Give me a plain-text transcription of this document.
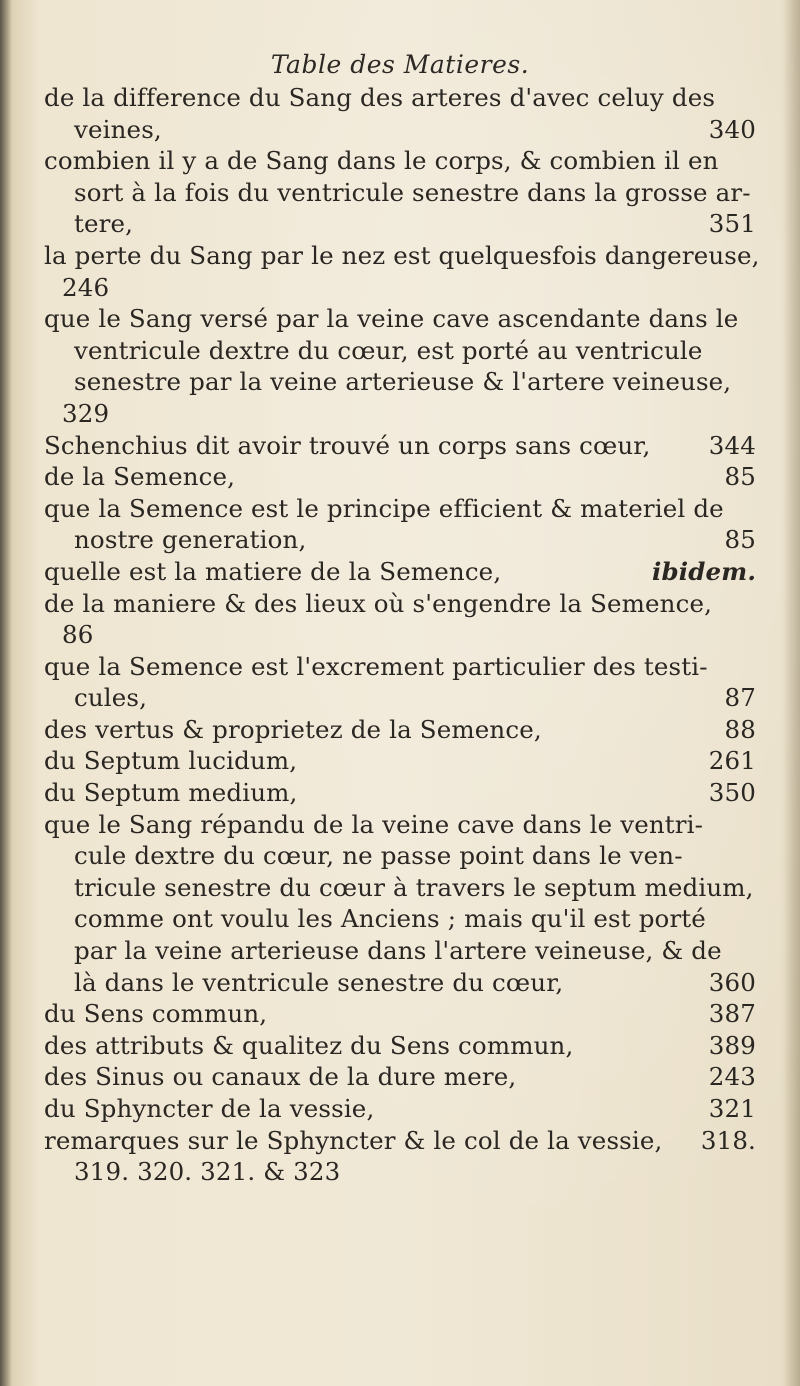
Table des Matieres.
de la difference du Sang des arteres d'avec celuy des
veines,	340
combien il y a de Sang dans le corps, & combien il en
sort à la fois du ventricule senestre dans la grosse ar-
tere,	351
la perte du Sang par le nez est quelquesfois dangereuse,
246
que le Sang versé par la veine cave ascendante dans le
ventricule dextre du cœur, est porté au ventricule
senestre par la veine arterieuse & l'artere veineuse,
329
Schenchius dit avoir trouvé un corps sans cœur, 344
de la Semence,	85
que la Semence est le principe efficient & materiel de
nostre generation,	85
quelle est la matiere de la Semence,	ibidem.
de la maniere & des lieux où s'engendre la Semence,
86
que la Semence est l'excrement particulier des testi-
cules,	87
des vertus & proprietez de la Semence,	88
du Septum lucidum,	261
du Septum medium,	350
que le Sang répandu de la veine cave dans le ventri-
cule dextre du cœur, ne passe point dans le ven-
tricule senestre du cœur à travers le septum medium,
comme ont voulu les Anciens ; mais qu'il est porté
par la veine arterieuse dans l'artere veineuse, & de
là dans le ventricule senestre du cœur,	360
du Sens commun,	387
des attributs & qualitez du Sens commun,	389
des Sinus ou canaux de la dure mere,	243
du Sphyncter de la vessie,	321
remarques sur le Sphyncter & le col de la vessie, 318.
319. 320. 321. & 323
